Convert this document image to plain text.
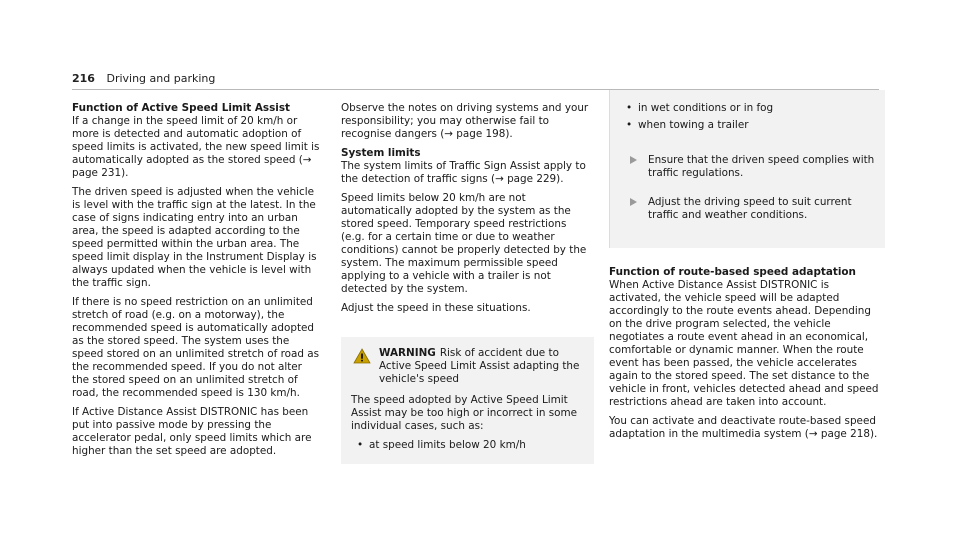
216 Driving and parking

Function of Active Speed Limit Assist
If a change in the speed limit of 20 km/h or more is detected and automatic adoption of speed limits is activated, the new speed limit is automatically adopted as the stored speed (→ page 231).

The driven speed is adjusted when the vehicle is level with the traffic sign at the latest. In the case of signs indicating entry into an urban area, the speed is adapted according to the speed permitted within the urban area. The speed limit display in the Instrument Display is always updated when the vehicle is level with the traffic sign.

If there is no speed restriction on an unlimited stretch of road (e.g. on a motorway), the recommended speed is automatically adopted as the stored speed. The system uses the speed stored on an unlimited stretch of road as the recommended speed. If you do not alter the stored speed on an unlimited stretch of road, the recommended speed is 130 km/h.

If Active Distance Assist DISTRONIC has been put into passive mode by pressing the accelerator pedal, only speed limits which are higher than the set speed are adopted.

Observe the notes on driving systems and your responsibility; you may otherwise fail to recognise dangers (→ page 198).

System limits
The system limits of Traffic Sign Assist apply to the detection of traffic signs (→ page 229).

Speed limits below 20 km/h are not automatically adopted by the system as the stored speed. Temporary speed restrictions (e.g. for a certain time or due to weather conditions) cannot be properly detected by the system. The maximum permissible speed applying to a vehicle with a trailer is not detected by the system.

Adjust the speed in these situations.

WARNING Risk of accident due to Active Speed Limit Assist adapting the vehicle's speed

The speed adopted by Active Speed Limit Assist may be too high or incorrect in some individual cases, such as:

• at speed limits below 20 km/h
• in wet conditions or in fog
• when towing a trailer
Ensure that the driven speed complies with traffic regulations.
Adjust the driving speed to suit current traffic and weather conditions.

Function of route-based speed adaptation
When Active Distance Assist DISTRONIC is activated, the vehicle speed will be adapted accordingly to the route events ahead. Depending on the drive program selected, the vehicle negotiates a route event ahead in an economical, comfortable or dynamic manner. When the route event has been passed, the vehicle accelerates again to the stored speed. The set distance to the vehicle in front, vehicles detected ahead and speed restrictions ahead are taken into account.

You can activate and deactivate route-based speed adaptation in the multimedia system (→ page 218).
